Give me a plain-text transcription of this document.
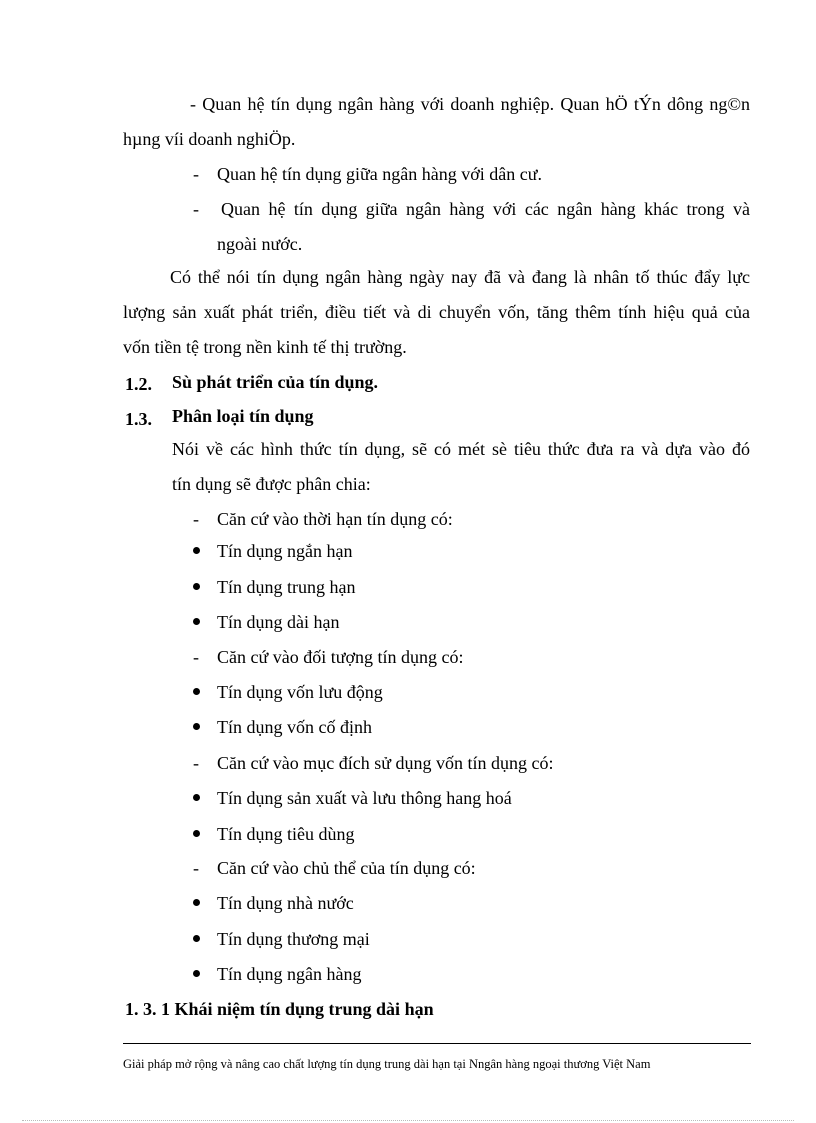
- Quan hệ tín dụng ngân hàng với doanh nghiệp. Quan hÖ tÝn dông ng©n
hµng víi doanh nghiÖp.
- Quan hệ tín dụng giữa ngân hàng với dân cư.
- Quan hệ tín dụng giữa ngân hàng với các ngân hàng khác trong và
ngoài nước.
Có thể nói tín dụng ngân hàng ngày nay đã và đang là nhân tố thúc đẩy lực
lượng sản xuất phát triển, điều tiết và di chuyển vốn, tăng thêm tính hiệu quả của
vốn tiền tệ trong nền kinh tế thị trường.
1.2. Sù phát triển của tín dụng.
1.3. Phân loại tín dụng
Nói về các hình thức tín dụng, sẽ có mét sè tiêu thức đưa ra và dựa vào đó
tín dụng sẽ được phân chia:
- Căn cứ vào thời hạn tín dụng có:
Tín dụng ngắn hạn
Tín dụng trung hạn
Tín dụng dài hạn
- Căn cứ vào đối tượng tín dụng có:
Tín dụng vốn lưu động
Tín dụng vốn cố định
- Căn cứ vào mục đích sử dụng vốn tín dụng có:
Tín dụng sản xuất và lưu thông hang hoá
Tín dụng tiêu dùng
- Căn cứ vào chủ thể của tín dụng có:
Tín dụng nhà nước
Tín dụng thương mại
Tín dụng ngân hàng
1. 3. 1 Khái niệm tín dụng trung dài hạn
Giải pháp mở rộng và nâng cao chất lượng tín dụng trung dài hạn tại Nngân hàng ngoại thương Việt Nam
